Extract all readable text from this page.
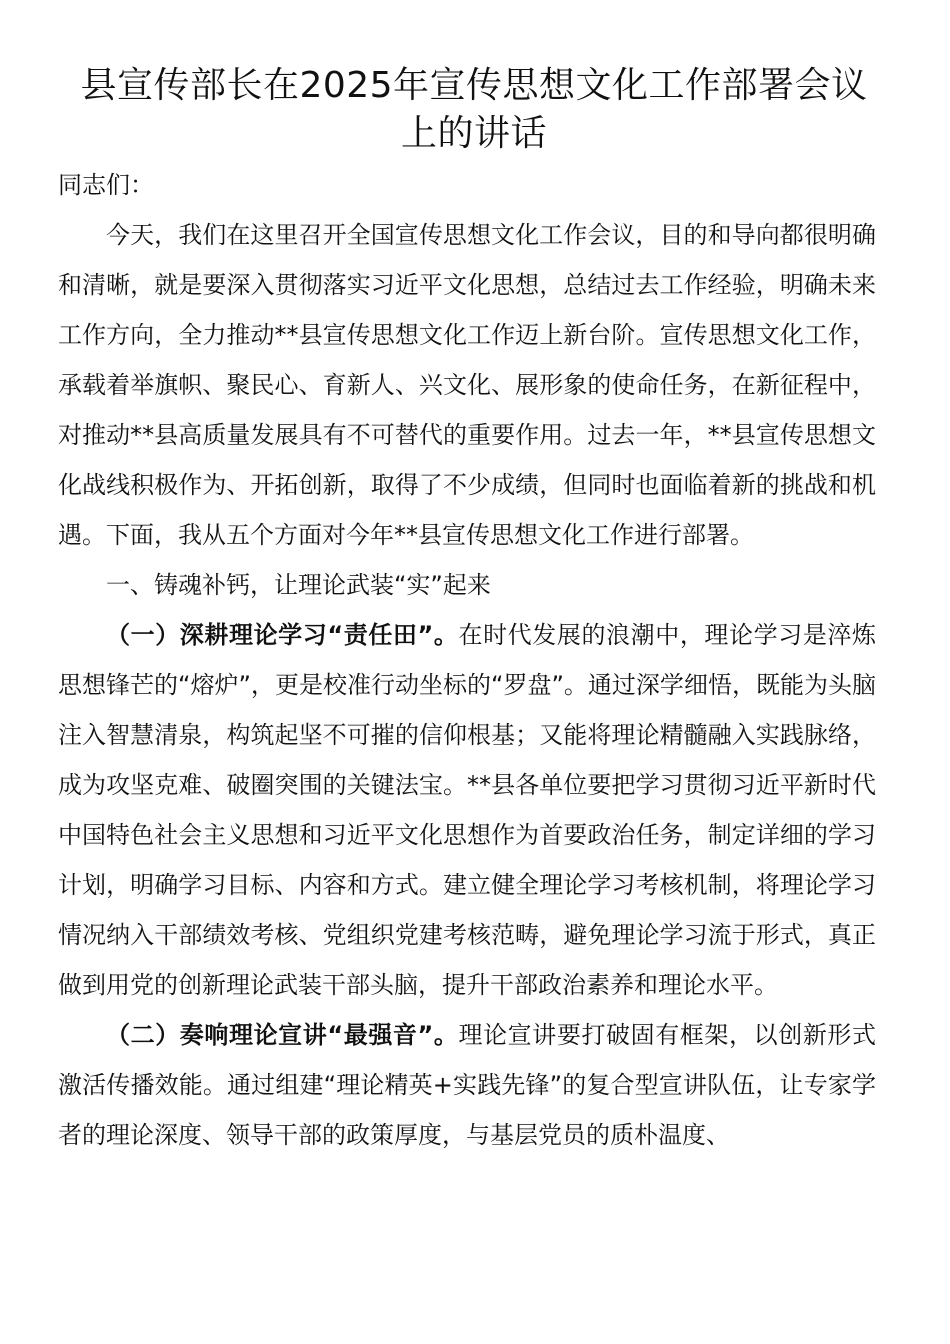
县宣传部长在2025年宣传思想文化工作部署会议上的讲话

同志们：

今天，我们在这里召开全国宣传思想文化工作会议，目的和导向都很明确和清晰，就是要深入贯彻落实习近平文化思想，总结过去工作经验，明确未来工作方向，全力推动**县宣传思想文化工作迈上新台阶。宣传思想文化工作，承载着举旗帜、聚民心、育新人、兴文化、展形象的使命任务，在新征程中，对推动**县高质量发展具有不可替代的重要作用。过去一年，**县宣传思想文化战线积极作为、开拓创新，取得了不少成绩，但同时也面临着新的挑战和机遇。下面，我从五个方面对今年**县宣传思想文化工作进行部署。

一、铸魂补钙，让理论武装“实”起来

（一）深耕理论学习“责任田”。在时代发展的浪潮中，理论学习是淬炼思想锋芒的“熔炉”，更是校准行动坐标的“罗盘”。通过深学细悟，既能为头脑注入智慧清泉，构筑起坚不可摧的信仰根基；又能将理论精髓融入实践脉络，成为攻坚克难、破圈突围的关键法宝。**县各单位要把学习贯彻习近平新时代中国特色社会主义思想和习近平文化思想作为首要政治任务，制定详细的学习计划，明确学习目标、内容和方式。建立健全理论学习考核机制，将理论学习情况纳入干部绩效考核、党组织党建考核范畴，避免理论学习流于形式，真正做到用党的创新理论武装干部头脑，提升干部政治素养和理论水平。

（二）奏响理论宣讲“最强音”。理论宣讲要打破固有框架，以创新形式激活传播效能。通过组建“理论精英+实践先锋”的复合型宣讲队伍，让专家学者的理论深度、领导干部的政策厚度，与基层党员的质朴温度、
